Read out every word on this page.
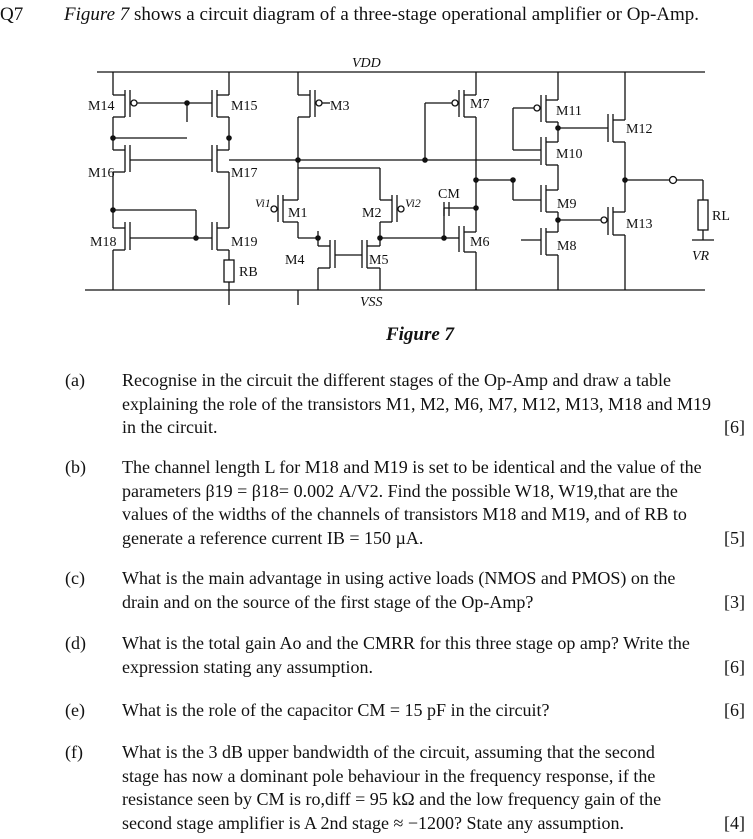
Q7 Figure 7 shows a circuit diagram of a three-stage operational amplifier or Op-Amp.
VDD
VSS
M14	M15	M3	M7	M11
M12
M16	M17
M10
M1	M2
M9
M13
M18	M19
M4	M5
M6	M8
RB
RL
CM
VR
Vi1	Vi2
Figure 7
(a) Recognise in the circuit the different stages of the Op-Amp and draw a table
explaining the role of the transistors M1, M2, M6, M7, M12, M13, M18 and M19
in the circuit.	[6]
(b) The channel length L for M18 and M19 is set to be identical and the value of the
parameters β19 = β18= 0.002 A/V2. Find the possible W18, W19,that are the
values of the widths of the channels of transistors M18 and M19, and of RB to
generate a reference current IB = 150 µA.	[5]
(c) What is the main advantage in using active loads (NMOS and PMOS) on the
drain and on the source of the first stage of the Op-Amp?	[3]
(d) What is the total gain Ao and the CMRR for this three stage op amp? Write the
expression stating any assumption.	[6]
(e) What is the role of the capacitor CM = 15 pF in the circuit?	[6]
(f) What is the 3 dB upper bandwidth of the circuit, assuming that the second
stage has now a dominant pole behaviour in the frequency response, if the
resistance seen by CM is ro,diff = 95 kΩ and the low frequency gain of the
second stage amplifier is A 2nd stage ≈ −1200? State any assumption.	[4]
